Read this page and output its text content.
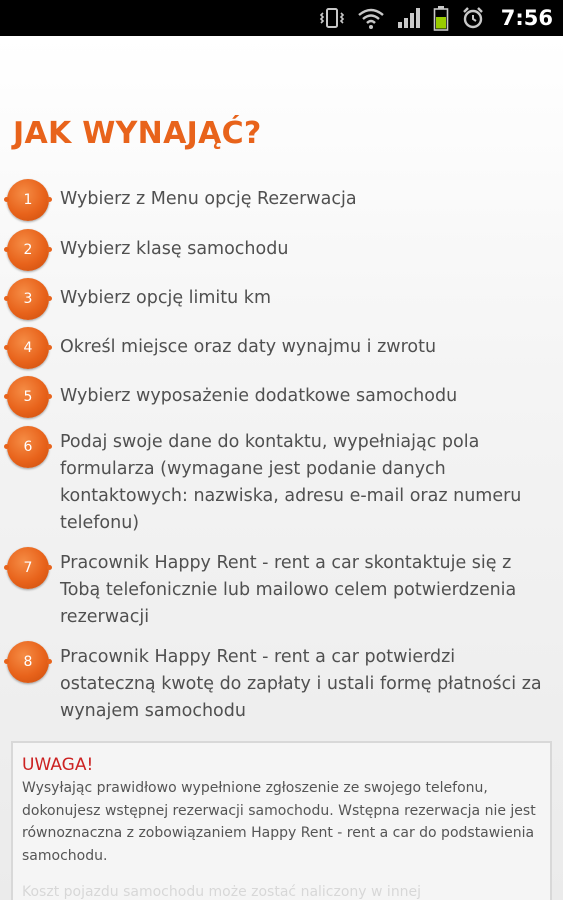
7:56
JAK WYNAJĄĆ?
1	Wybierz z Menu opcję Rezerwacja
2	Wybierz klasę samochodu
3	Wybierz opcję limitu km
4	Określ miejsce oraz daty wynajmu i zwrotu
5	Wybierz wyposażenie dodatkowe samochodu
6	Podaj swoje dane do kontaktu, wypełniając pola formularza (wymagane jest podanie danych kontaktowych: nazwiska, adresu e-mail oraz numeru telefonu)
7	Pracownik Happy Rent - rent a car skontaktuje się z Tobą telefonicznie lub mailowo celem potwierdzenia rezerwacji
8	Pracownik Happy Rent - rent a car potwierdzi ostateczną kwotę do zapłaty i ustali formę płatności za wynajem samochodu
UWAGA!
Wysyłając prawidłowo wypełnione zgłoszenie ze swojego telefonu, dokonujesz wstępnej rezerwacji samochodu. Wstępna rezerwacja nie jest równoznaczna z zobowiązaniem Happy Rent - rent a car do podstawienia samochodu.
Koszt pojazdu samochodu może zostać naliczony w innej
